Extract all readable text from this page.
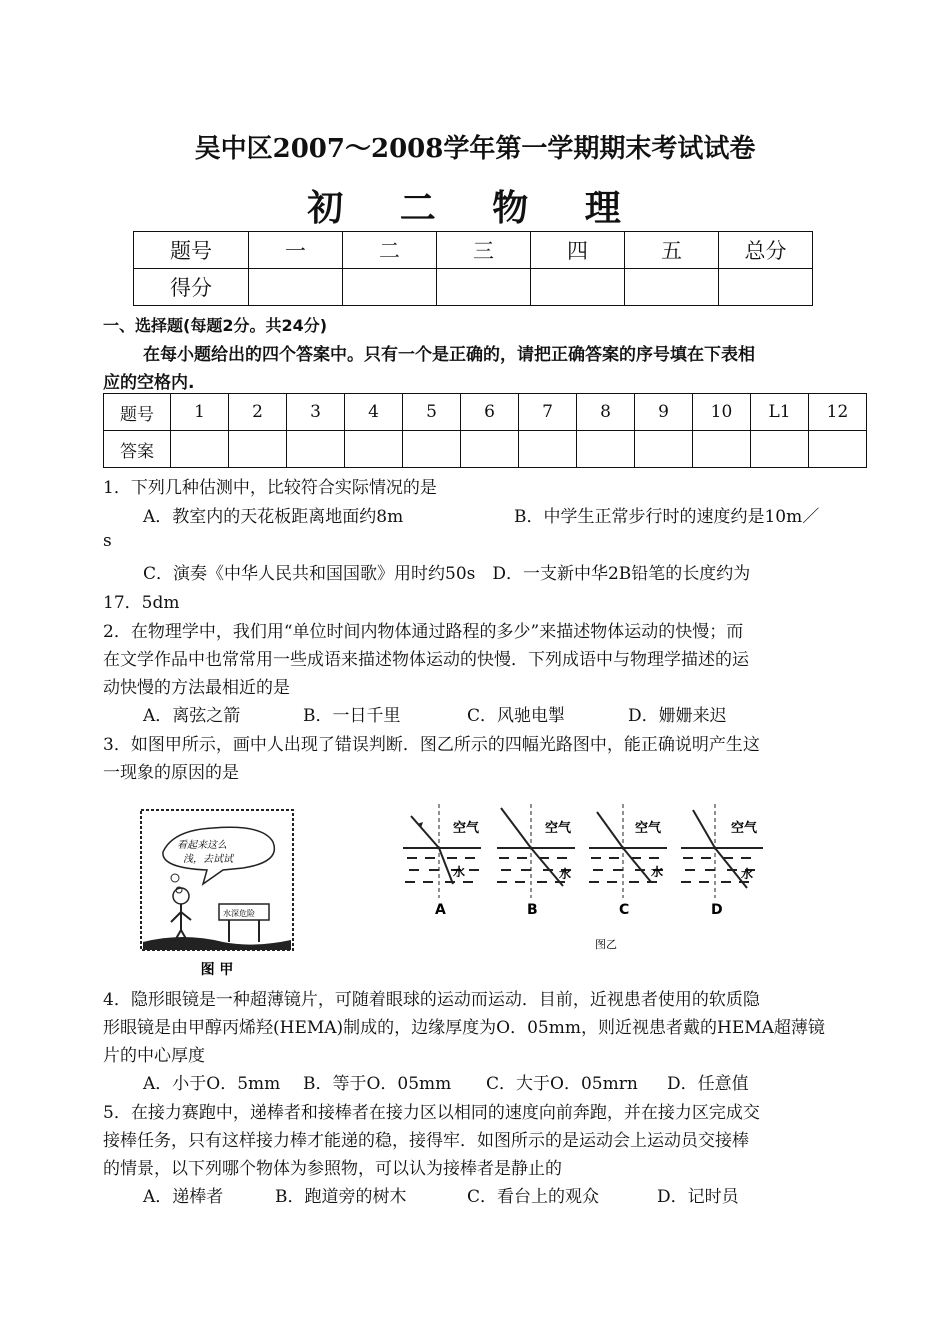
吴中区2007～2008学年第一学期期末考试试卷
初 二 物 理
题号	一	二	三	四	五	总分
得分						
一、选择题(每题2分。共24分)
在每小题给出的四个答案中。只有一个是正确的，请把正确答案的序号填在下表相
应的空格内.
题号	1	2	3	4	5	6	7	8	9	10	L1	12
答案												
1．下列几种估测中，比较符合实际情况的是
A．教室内的天花板距离地面约8m	B．中学生正常步行时的速度约是10m／
s
C．演奏《中华人民共和国国歌》用时约50s　D．一支新中华2B铅笔的长度约为
17．5dm
2．在物理学中，我们用“单位时间内物体通过路程的多少”来描述物体运动的快慢；而
在文学作品中也常常用一些成语来描述物体运动的快慢．下列成语中与物理学描述的运
动快慢的方法最相近的是
A．离弦之箭	B．一日千里	C．风驰电掣	D．姗姗来迟
3．如图甲所示，画中人出现了错误判断．图乙所示的四幅光路图中，能正确说明产生这
一现象的原因的是
看起来这么
浅，去试试
水深危险
图 甲
空气
水
A
空气
水
B
空气
水
C
空气
水
D
图乙
4．隐形眼镜是一种超薄镜片，可随着眼球的运动而运动．目前，近视患者使用的软质隐
形眼镜是由甲醇丙烯羟(HEMA)制成的，边缘厚度为O．05mm，则近视患者戴的HEMA超薄镜
片的中心厚度
A．小于O．5mm B．等于O．05mm C．大于O．05mrn D．任意值
5．在接力赛跑中，递棒者和接棒者在接力区以相同的速度向前奔跑，并在接力区完成交
接棒任务，只有这样接力棒才能递的稳，接得牢．如图所示的是运动会上运动员交接棒
的情景，以下列哪个物体为参照物，可以认为接棒者是静止的
A．递棒者	B．跑道旁的树木	C．看台上的观众	D．记时员
